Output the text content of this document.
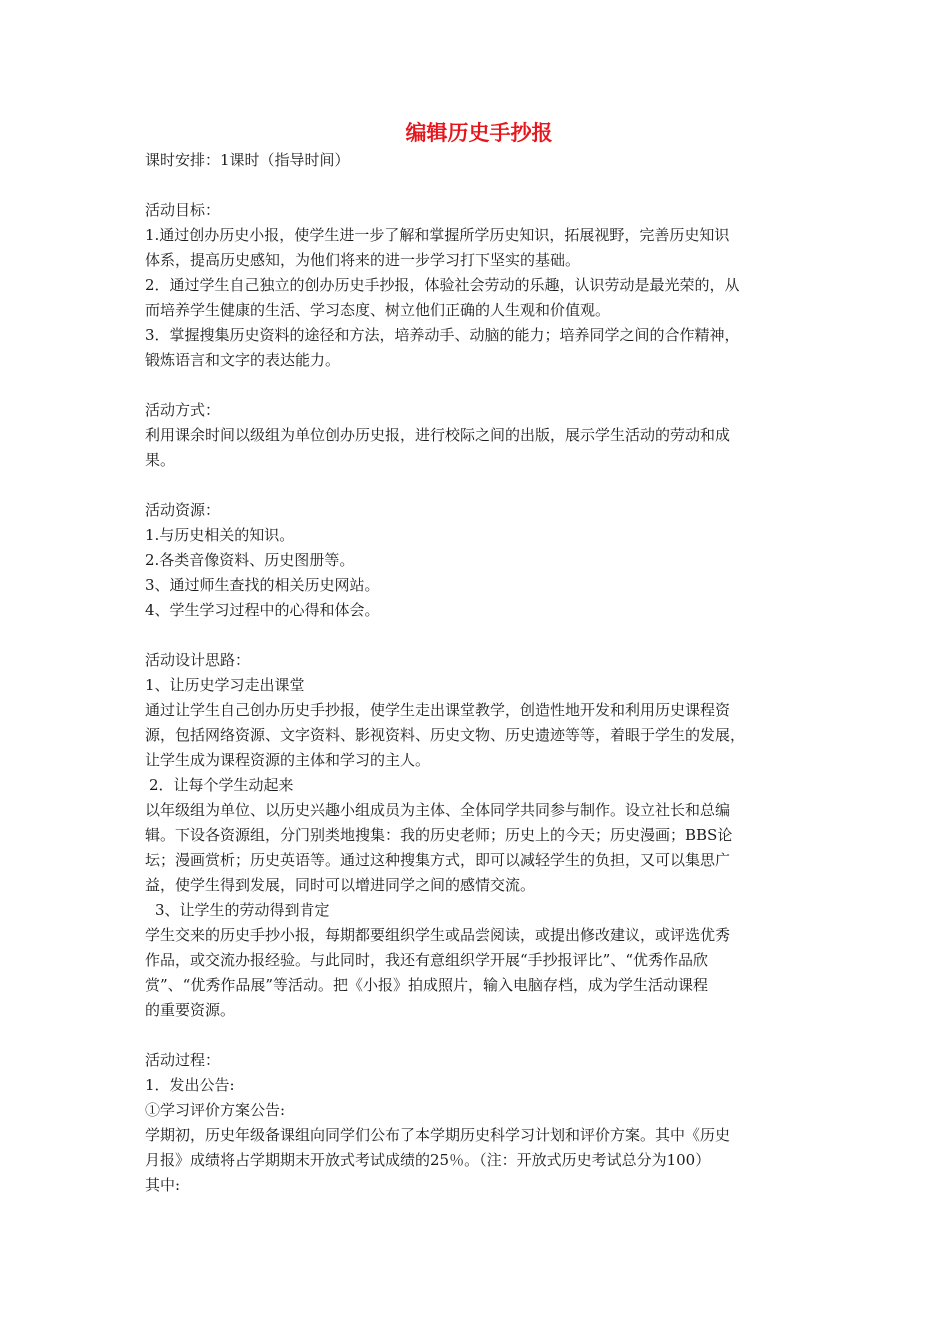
编辑历史手抄报

课时安排：1课时（指导时间）

活动目标：

1.通过创办历史小报，使学生进一步了解和掌握所学历史知识，拓展视野，完善历史知识

体系，提高历史感知，为他们将来的进一步学习打下坚实的基础。

2．通过学生自己独立的创办历史手抄报，体验社会劳动的乐趣，认识劳动是最光荣的，从

而培养学生健康的生活、学习态度、树立他们正确的人生观和价值观。

3．掌握搜集历史资料的途径和方法，培养动手、动脑的能力；培养同学之间的合作精神，

锻炼语言和文字的表达能力。

活动方式：

利用课余时间以级组为单位创办历史报，进行校际之间的出版，展示学生活动的劳动和成

果。

活动资源：

1.与历史相关的知识。

2.各类音像资料、历史图册等。

3、通过师生查找的相关历史网站。

4、学生学习过程中的心得和体会。

活动设计思路：

1、让历史学习走出课堂

通过让学生自己创办历史手抄报，使学生走出课堂教学，创造性地开发和利用历史课程资

源，包括网络资源、文字资料、影视资料、历史文物、历史遗迹等等，着眼于学生的发展，

让学生成为课程资源的主体和学习的主人。

2．让每个学生动起来

以年级组为单位、以历史兴趣小组成员为主体、全体同学共同参与制作。设立社长和总编

辑。下设各资源组，分门别类地搜集：我的历史老师；历史上的今天；历史漫画；BBS论

坛；漫画赏析；历史英语等。通过这种搜集方式，即可以减轻学生的负担，又可以集思广

益，使学生得到发展，同时可以增进同学之间的感情交流。

3、让学生的劳动得到肯定

学生交来的历史手抄小报，每期都要组织学生或品尝阅读，或提出修改建议，或评选优秀

作品，或交流办报经验。与此同时，我还有意组织学开展“手抄报评比”、“优秀作品欣

赏”、“优秀作品展”等活动。把《小报》拍成照片，输入电脑存档，成为学生活动课程

的重要资源。

活动过程：

1．发出公告:

①学习评价方案公告:

学期初，历史年级备课组向同学们公布了本学期历史科学习计划和评价方案。其中《历史

月报》成绩将占学期期末开放式考试成绩的25％。（注：开放式历史考试总分为100）

其中:
